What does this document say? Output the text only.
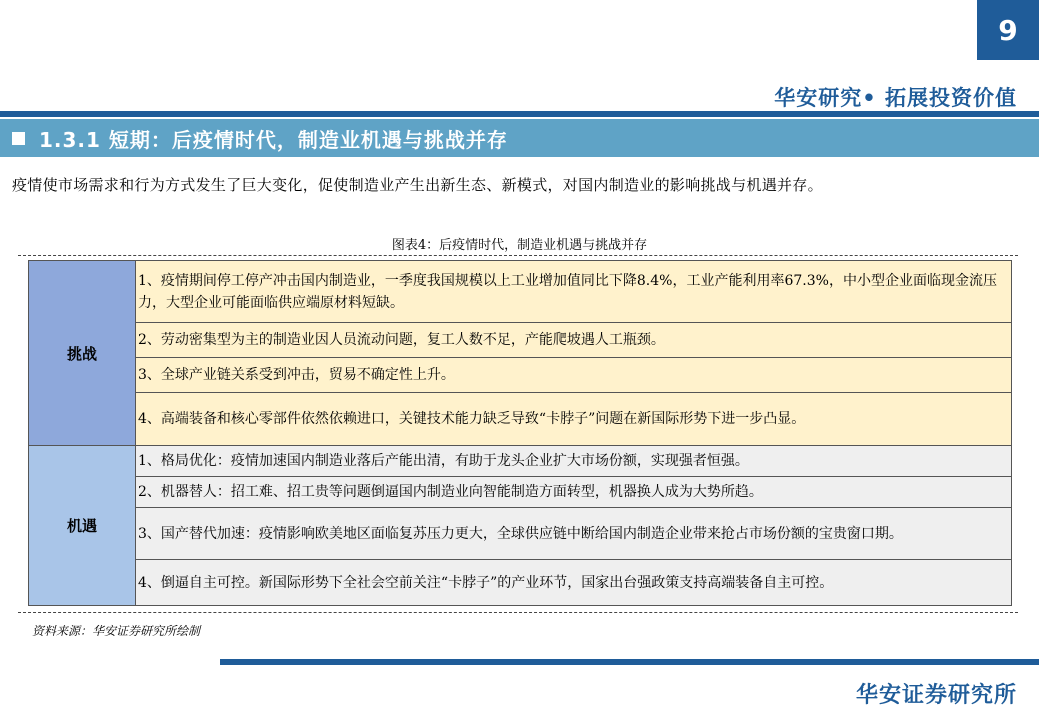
9
华安研究• 拓展投资价值
1.3.1 短期：后疫情时代，制造业机遇与挑战并存
疫情使市场需求和行为方式发生了巨大变化，促使制造业产生出新生态、新模式，对国内制造业的影响挑战与机遇并存。
图表4：后疫情时代，制造业机遇与挑战并存
挑战	1、疫情期间停工停产冲击国内制造业，一季度我国规模以上工业增加值同比下降8.4%，工业产能利用率67.3%，中小型企业面临现金流压力，大型企业可能面临供应端原材料短缺。
	2、劳动密集型为主的制造业因人员流动问题，复工人数不足，产能爬坡遇人工瓶颈。
	3、全球产业链关系受到冲击，贸易不确定性上升。
	4、高端装备和核心零部件依然依赖进口，关键技术能力缺乏导致“卡脖子”问题在新国际形势下进一步凸显。
机遇	1、格局优化：疫情加速国内制造业落后产能出清，有助于龙头企业扩大市场份额，实现强者恒强。
	2、机器替人：招工难、招工贵等问题倒逼国内制造业向智能制造方面转型，机器换人成为大势所趋。
	3、国产替代加速：疫情影响欧美地区面临复苏压力更大，全球供应链中断给国内制造企业带来抢占市场份额的宝贵窗口期。
	4、倒逼自主可控。新国际形势下全社会空前关注“卡脖子”的产业环节，国家出台强政策支持高端装备自主可控。
资料来源：华安证券研究所绘制
华安证券研究所
